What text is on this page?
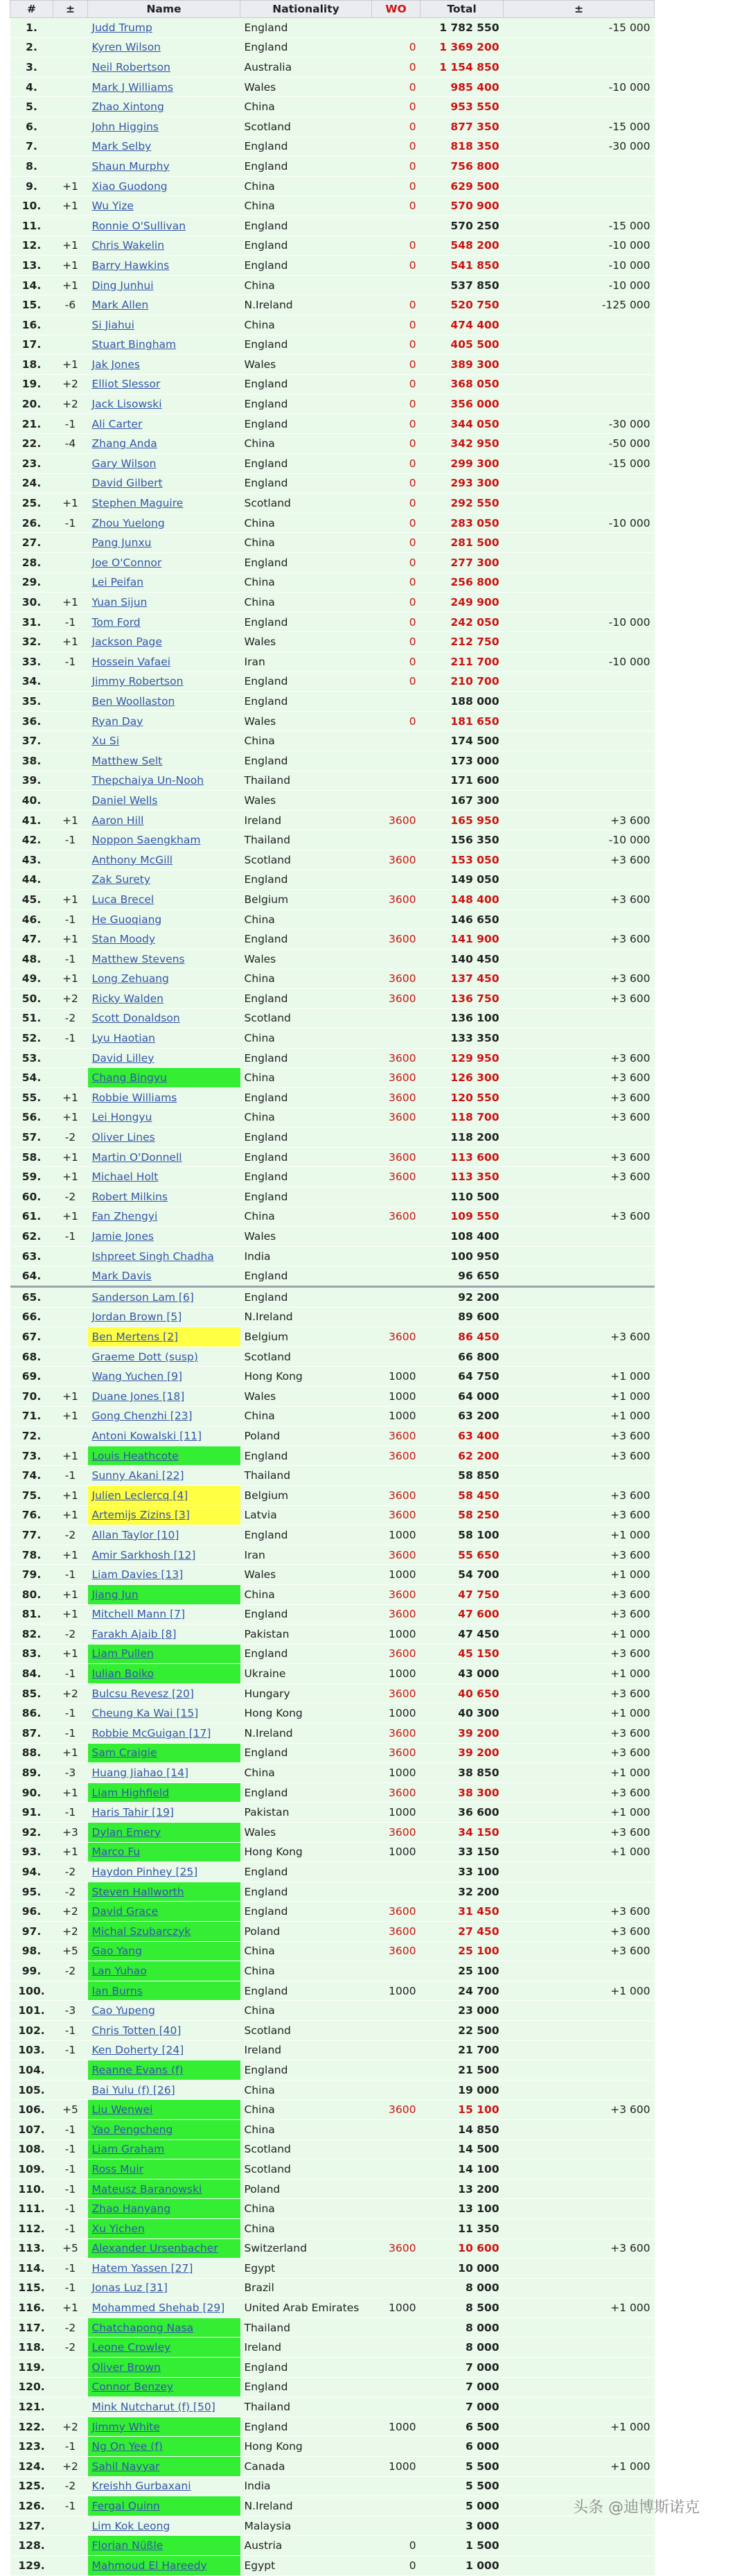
#	±	Name	Nationality	WO	Total	±
1.		Judd Trump	England		1 782 550	-15 000
2.		Kyren Wilson	England	0	1 369 200	
3.		Neil Robertson	Australia	0	1 154 850	
4.		Mark J Williams	Wales	0	985 400	-10 000
5.		Zhao Xintong	China	0	953 550	
6.		John Higgins	Scotland	0	877 350	-15 000
7.		Mark Selby	England	0	818 350	-30 000
8.		Shaun Murphy	England	0	756 800	
9.	+1	Xiao Guodong	China	0	629 500	
10.	+1	Wu Yize	China	0	570 900	
11.		Ronnie O'Sullivan	England		570 250	-15 000
12.	+1	Chris Wakelin	England	0	548 200	-10 000
13.	+1	Barry Hawkins	England	0	541 850	-10 000
14.	+1	Ding Junhui	China		537 850	-10 000
15.	-6	Mark Allen	N.Ireland	0	520 750	-125 000
16.		Si Jiahui	China	0	474 400	
17.		Stuart Bingham	England	0	405 500	
18.	+1	Jak Jones	Wales	0	389 300	
19.	+2	Elliot Slessor	England	0	368 050	
20.	+2	Jack Lisowski	England	0	356 000	
21.	-1	Ali Carter	England	0	344 050	-30 000
22.	-4	Zhang Anda	China	0	342 950	-50 000
23.		Gary Wilson	England	0	299 300	-15 000
24.		David Gilbert	England	0	293 300	
25.	+1	Stephen Maguire	Scotland	0	292 550	
26.	-1	Zhou Yuelong	China	0	283 050	-10 000
27.		Pang Junxu	China	0	281 500	
28.		Joe O'Connor	England	0	277 300	
29.		Lei Peifan	China	0	256 800	
30.	+1	Yuan Sijun	China	0	249 900	
31.	-1	Tom Ford	England	0	242 050	-10 000
32.	+1	Jackson Page	Wales	0	212 750	
33.	-1	Hossein Vafaei	Iran	0	211 700	-10 000
34.		Jimmy Robertson	England	0	210 700	
35.		Ben Woollaston	England		188 000	
36.		Ryan Day	Wales	0	181 650	
37.		Xu Si	China		174 500	
38.		Matthew Selt	England		173 000	
39.		Thepchaiya Un-Nooh	Thailand		171 600	
40.		Daniel Wells	Wales		167 300	
41.	+1	Aaron Hill	Ireland	3600	165 950	+3 600
42.	-1	Noppon Saengkham	Thailand		156 350	-10 000
43.		Anthony McGill	Scotland	3600	153 050	+3 600
44.		Zak Surety	England		149 050	
45.	+1	Luca Brecel	Belgium	3600	148 400	+3 600
46.	-1	He Guoqiang	China		146 650	
47.	+1	Stan Moody	England	3600	141 900	+3 600
48.	-1	Matthew Stevens	Wales		140 450	
49.	+1	Long Zehuang	China	3600	137 450	+3 600
50.	+2	Ricky Walden	England	3600	136 750	+3 600
51.	-2	Scott Donaldson	Scotland		136 100	
52.	-1	Lyu Haotian	China		133 350	
53.		David Lilley	England	3600	129 950	+3 600
54.		Chang Bingyu	China	3600	126 300	+3 600
55.	+1	Robbie Williams	England	3600	120 550	+3 600
56.	+1	Lei Hongyu	China	3600	118 700	+3 600
57.	-2	Oliver Lines	England		118 200	
58.	+1	Martin O'Donnell	England	3600	113 600	+3 600
59.	+1	Michael Holt	England	3600	113 350	+3 600
60.	-2	Robert Milkins	England		110 500	
61.	+1	Fan Zhengyi	China	3600	109 550	+3 600
62.	-1	Jamie Jones	Wales		108 400	
63.		Ishpreet Singh Chadha	India		100 950	
64.		Mark Davis	England		96 650	
65.		Sanderson Lam [6]	England		92 200	
66.		Jordan Brown [5]	N.Ireland		89 600	
67.		Ben Mertens [2]	Belgium	3600	86 450	+3 600
68.		Graeme Dott (susp)	Scotland		66 800	
69.		Wang Yuchen [9]	Hong Kong	1000	64 750	+1 000
70.	+1	Duane Jones [18]	Wales	1000	64 000	+1 000
71.	+1	Gong Chenzhi [23]	China	1000	63 200	+1 000
72.		Antoni Kowalski [11]	Poland	3600	63 400	+3 600
73.	+1	Louis Heathcote	England	3600	62 200	+3 600
74.	-1	Sunny Akani [22]	Thailand		58 850	
75.	+1	Julien Leclercq [4]	Belgium	3600	58 450	+3 600
76.	+1	Artemijs Zizins [3]	Latvia	3600	58 250	+3 600
77.	-2	Allan Taylor [10]	England	1000	58 100	+1 000
78.	+1	Amir Sarkhosh [12]	Iran	3600	55 650	+3 600
79.	-1	Liam Davies [13]	Wales	1000	54 700	+1 000
80.	+1	Jiang Jun	China	3600	47 750	+3 600
81.	+1	Mitchell Mann [7]	England	3600	47 600	+3 600
82.	-2	Farakh Ajaib [8]	Pakistan	1000	47 450	+1 000
83.	+1	Liam Pullen	England	3600	45 150	+3 600
84.	-1	Iulian Boiko	Ukraine	1000	43 000	+1 000
85.	+2	Bulcsu Revesz [20]	Hungary	3600	40 650	+3 600
86.	-1	Cheung Ka Wai [15]	Hong Kong	1000	40 300	+1 000
87.	-1	Robbie McGuigan [17]	N.Ireland	3600	39 200	+3 600
88.	+1	Sam Craigie	England	3600	39 200	+3 600
89.	-3	Huang Jiahao [14]	China	1000	38 850	+1 000
90.	+1	Liam Highfield	England	3600	38 300	+3 600
91.	-1	Haris Tahir [19]	Pakistan	1000	36 600	+1 000
92.	+3	Dylan Emery	Wales	3600	34 150	+3 600
93.	+1	Marco Fu	Hong Kong	1000	33 150	+1 000
94.	-2	Haydon Pinhey [25]	England		33 100	
95.	-2	Steven Hallworth	England		32 200	
96.	+2	David Grace	England	3600	31 450	+3 600
97.	+2	Michal Szubarczyk	Poland	3600	27 450	+3 600
98.	+5	Gao Yang	China	3600	25 100	+3 600
99.	-2	Lan Yuhao	China		25 100	
100.		Ian Burns	England	1000	24 700	+1 000
101.	-3	Cao Yupeng	China		23 000	
102.	-1	Chris Totten [40]	Scotland		22 500	
103.	-1	Ken Doherty [24]	Ireland		21 700	
104.		Reanne Evans (f)	England		21 500	
105.		Bai Yulu (f) [26]	China		19 000	
106.	+5	Liu Wenwei	China	3600	15 100	+3 600
107.	-1	Yao Pengcheng	China		14 850	
108.	-1	Liam Graham	Scotland		14 500	
109.	-1	Ross Muir	Scotland		14 100	
110.	-1	Mateusz Baranowski	Poland		13 200	
111.	-1	Zhao Hanyang	China		13 100	
112.	-1	Xu Yichen	China		11 350	
113.	+5	Alexander Ursenbacher	Switzerland	3600	10 600	+3 600
114.	-1	Hatem Yassen [27]	Egypt		10 000	
115.	-1	Jonas Luz [31]	Brazil		8 000	
116.	+1	Mohammed Shehab [29]	United Arab Emirates	1000	8 500	+1 000
117.	-2	Chatchapong Nasa	Thailand		8 000	
118.	-2	Leone Crowley	Ireland		8 000	
119.		Oliver Brown	England		7 000	
120.		Connor Benzey	England		7 000	
121.		Mink Nutcharut (f) [50]	Thailand		7 000	
122.	+2	Jimmy White	England	1000	6 500	+1 000
123.	-1	Ng On Yee (f)	Hong Kong		6 000	
124.	+2	Sahil Nayyar	Canada	1000	5 500	+1 000
125.	-2	Kreishh Gurbaxani	India		5 500	
126.	-1	Fergal Quinn	N.Ireland		5 000	
127.		Lim Kok Leong	Malaysia		3 000	
128.		Florian Nüßle	Austria	0	1 500	
129.		Mahmoud El Hareedy	Egypt	0	1 000	
头条 @迪博斯诺克
